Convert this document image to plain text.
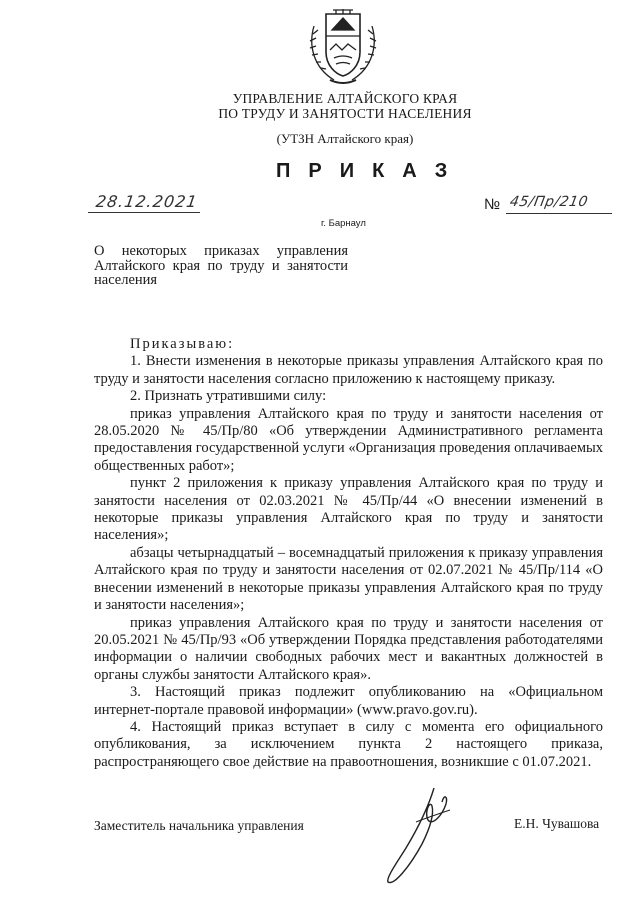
УПРАВЛЕНИЕ АЛТАЙСКОГО КРАЯ
ПО ТРУДУ И ЗАНЯТОСТИ НАСЕЛЕНИЯ
(УТЗН Алтайского края)
ПРИКАЗ
28.12.2021	№ 45/Пр/210
г. Барнаул
О некоторых приказах управления Алтайского края по труду и занятости населения

Приказываю:

1. Внести изменения в некоторые приказы управления Алтайского края по труду и занятости населения согласно приложению к настоящему приказу.

2. Признать утратившими силу:

приказ управления Алтайского края по труду и занятости населения от 28.05.2020 № 45/Пр/80 «Об утверждении Административного регламента предоставления государственной услуги «Организация проведения оплачиваемых общественных работ»;

пункт 2 приложения к приказу управления Алтайского края по труду и занятости населения от 02.03.2021 № 45/Пр/44 «О внесении изменений в некоторые приказы управления Алтайского края по труду и занятости населения»;

абзацы четырнадцатый – восемнадцатый приложения к приказу управления Алтайского края по труду и занятости населения от 02.07.2021 № 45/Пр/114 «О внесении изменений в некоторые приказы управления Алтайского края по труду и занятости населения»;

приказ управления Алтайского края по труду и занятости населения от 20.05.2021 № 45/Пр/93 «Об утверждении Порядка представления работодателями информации о наличии свободных рабочих мест и вакантных должностей в органы службы занятости Алтайского края».

3. Настоящий приказ подлежит опубликованию на «Официальном интернет-портале правовой информации» (www.pravo.gov.ru).

4. Настоящий приказ вступает в силу с момента его официального опубликования, за исключением пункта 2 настоящего приказа, распространяющего свое действие на правоотношения, возникшие с 01.07.2021.

Заместитель начальника управления	Е.Н. Чувашова
